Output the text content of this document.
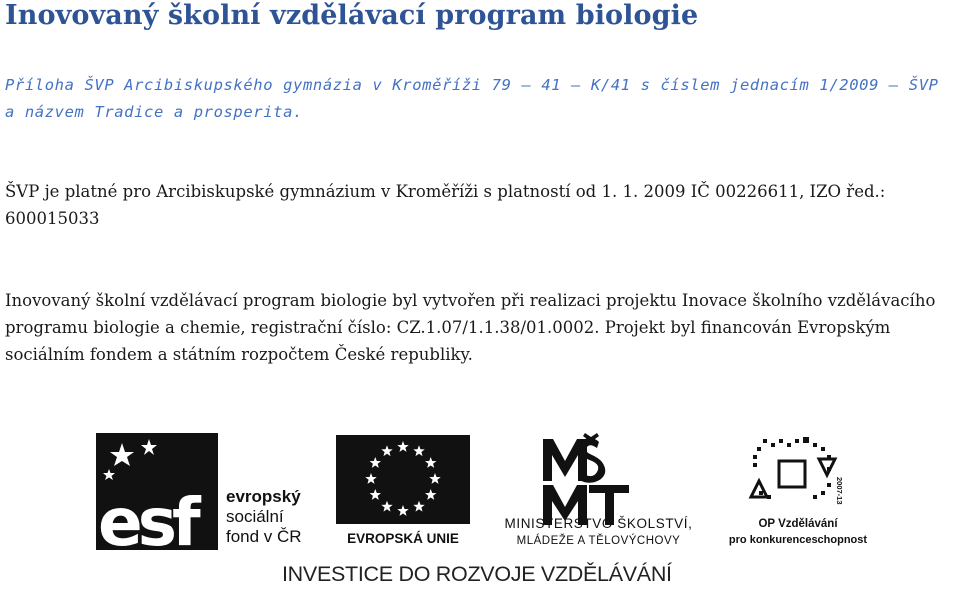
Inovovaný školní vzdělávací program biologie

Příloha ŠVP Arcibiskupského gymnázia v Kroměříži 79 – 41 – K/41 s číslem jednacím 1/2009 – ŠVP a názvem Tradice a prosperita.

ŠVP je platné pro Arcibiskupské gymnázium v Kroměříži s platností od 1. 1. 2009 IČ 00226611, IZO řed.: 600015033

Inovovaný školní vzdělávací program biologie byl vytvořen při realizaci projektu Inovace školního vzdělávacího programu biologie a chemie, registrační číslo: CZ.1.07/1.1.38/01.0002. Projekt byl financován Evropským sociálním fondem a státním rozpočtem České republiky.

esf	evropský
sociální
fond v ČR	EVROPSKÁ UNIE
MINISTERSTVO ŠKOLSTVÍ,
MLÁDEŽE A TĚLOVÝCHOVY
2007-13
OP Vzdělávání
pro konkurenceschopnost

INVESTICE DO ROZVOJE VZDĚLÁVÁNÍ
